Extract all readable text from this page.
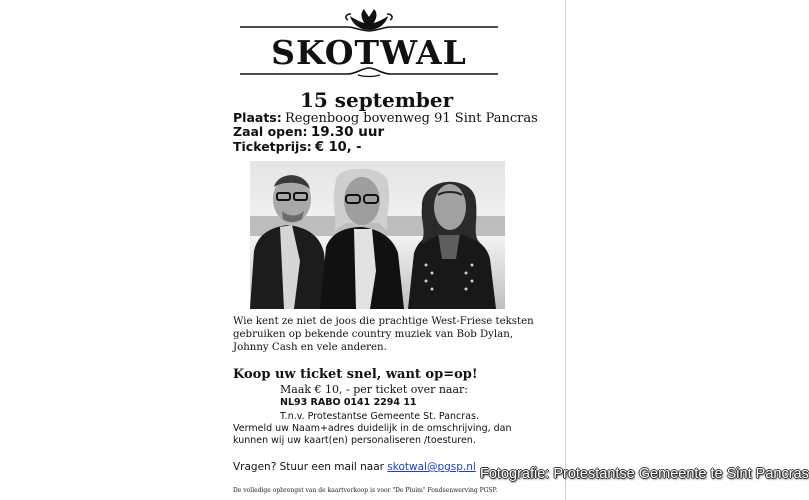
SKOTWAL
15 september
Plaats: Regenboog bovenweg 91 Sint Pancras
Zaal open: 19.30 uur
Ticketprijs: € 10, -
Wie kent ze niet de joos die prachtige West-Friese teksten
gebruiken op bekende country muziek van Bob Dylan,
Johnny Cash en vele anderen.
Koop uw ticket snel, want op=op!
Maak € 10, - per ticket over naar:
NL93 RABO 0141 2294 11
T.n.v. Protestantse Gemeente St. Pancras.
Vermeld uw Naam+adres duidelijk in de omschrijving, dan
kunnen wij uw kaart(en) personaliseren /toesturen.
Vragen? Stuur een mail naar skotwal@pgsp.nl
De volledige opbrengst van de kaartverkoop is voor "De Pluim" Fondsenwerving PGSP.
Fotografie: Protestantse Gemeente te Sint Pancras
